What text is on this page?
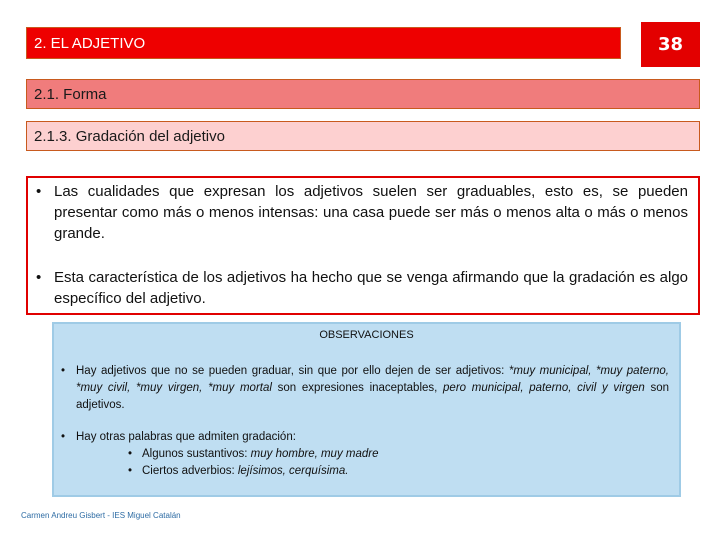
2. EL ADJETIVO	38
2.1. Forma
2.1.3. Gradación del adjetivo
• Las cualidades que expresan los adjetivos suelen ser graduables, esto es, se pueden presentar como más o menos intensas: una casa puede ser más o menos alta o más o menos grande.
• Esta característica de los adjetivos ha hecho que se venga afirmando que la gradación es algo específico del adjetivo.
OBSERVACIONES
• Hay adjetivos que no se pueden graduar, sin que por ello dejen de ser adjetivos: *muy municipal, *muy paterno, *muy civil, *muy virgen, *muy mortal son expresiones inaceptables, pero municipal, paterno, civil y virgen son adjetivos.
• Hay otras palabras que admiten gradación:
• Algunos sustantivos: muy hombre, muy madre
• Ciertos adverbios: lejísimos, cerquísima.
Carmen Andreu Gisbert - IES Miguel Catalán
